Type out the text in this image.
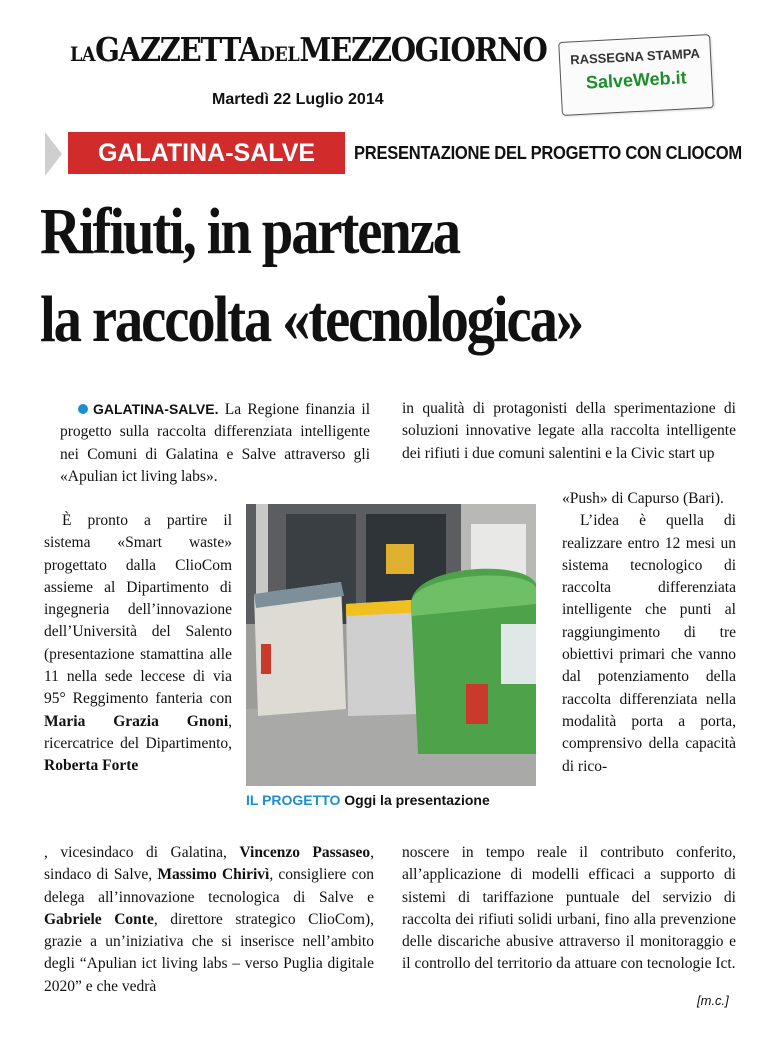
LAGAZZETTADELMEZZOGIORNO
Martedì 22 Luglio 2014
RASSEGNA STAMPA
SalveWeb.it
GALATINA-SALVE	PRESENTAZIONE DEL PROGETTO CON CLIOCOM
Rifiuti, in partenza
la raccolta «tecnologica»

GALATINA-SALVE. La Regione finanzia il progetto sulla raccolta differenziata intelligente nei Comuni di Galatina e Salve attraverso gli «Apulian ict living labs».

È pronto a partire il sistema «Smart waste» progettato dalla ClioCom assieme al Dipartimento di ingegneria dell’innovazione dell’Università del Salento (presentazione stamattina alle 11 nella sede leccese di via 95° Reggimento fanteria con Maria Grazia Gnoni, ricercatrice del Dipartimento, Roberta Forte

, vicesindaco di Galatina, Vincenzo Passaseo, sindaco di Salve, Massimo Chirivì, consigliere con delega all’innovazione tecnologica di Salve e Gabriele Conte, direttore strategico ClioCom), grazie a un’iniziativa che si inserisce nell’ambito degli “Apulian ict living labs – verso Puglia digitale 2020” e che vedrà

in qualità di protagonisti della sperimentazione di soluzioni innovative legate alla raccolta intelligente dei rifiuti i due comuni salentini e la Civic start up

«Push» di Capurso (Bari).

L’idea è quella di realizzare entro 12 mesi un sistema tecnologico di raccolta differenziata intelligente che punti al raggiungimento di tre obiettivi primari che vanno dal potenziamento della raccolta differenziata nella modalità porta a porta, comprensivo della capacità di rico-

noscere in tempo reale il contributo conferito, all’applicazione di modelli efficaci a supporto di sistemi di tariffazione puntuale del servizio di raccolta dei rifiuti solidi urbani, fino alla prevenzione delle discariche abusive attraverso il monitoraggio e il controllo del territorio da attuare con tecnologie Ict.

[m.c.]
IL PROGETTO Oggi la presentazione
